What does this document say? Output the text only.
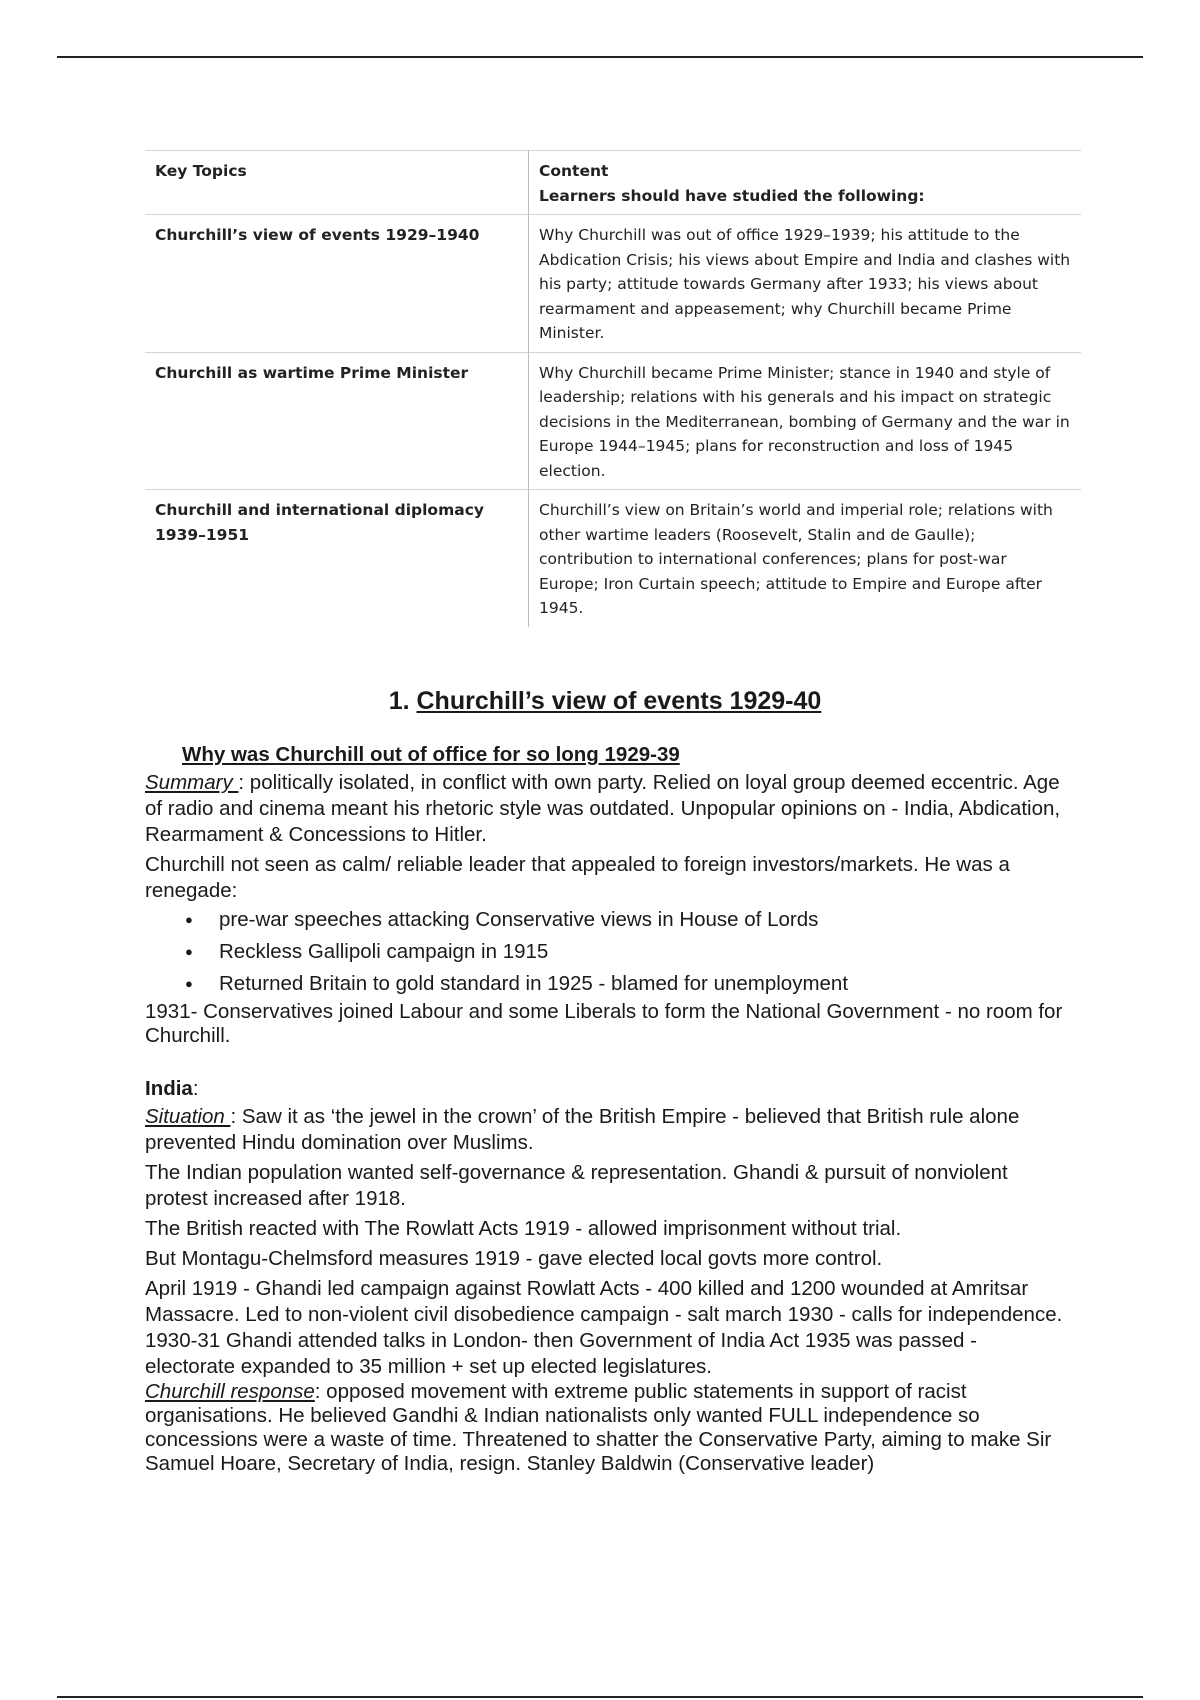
Key Topics	Content
Learners should have studied the following:

Churchill’s view of events 1929–1940	Why Churchill was out of office 1929–1939; his attitude to the Abdication Crisis; his views about Empire and India and clashes with his party; attitude towards Germany after 1933; his views about rearmament and appeasement; why Churchill became Prime Minister.
Churchill as wartime Prime Minister	Why Churchill became Prime Minister; stance in 1940 and style of leadership; relations with his generals and his impact on strategic decisions in the Mediterranean, bombing of Germany and the war in Europe 1944–1945; plans for reconstruction and loss of 1945 election.
Churchill and international diplomacy 1939–1951	Churchill’s view on Britain’s world and imperial role; relations with other wartime leaders (Roosevelt, Stalin and de Gaulle); contribution to international conferences; plans for post-war Europe; Iron Curtain speech; attitude to Empire and Europe after 1945.
1. Churchill’s view of events 1929-40
Why was Churchill out of office for so long 1929-39

Summary : politically isolated, in conflict with own party. Relied on loyal group deemed eccentric. Age of radio and cinema meant his rhetoric style was outdated. Unpopular opinions on - India, Abdication, Rearmament & Concessions to Hitler.

Churchill not seen as calm/ reliable leader that appealed to foreign investors/markets. He was a renegade:

● pre-war speeches attacking Conservative views in House of Lords
● Reckless Gallipoli campaign in 1915
● Returned Britain to gold standard in 1925 - blamed for unemployment

1931- Conservatives joined Labour and some Liberals to form the National Government - no room for Churchill.

India:

Situation : Saw it as ‘the jewel in the crown’ of the British Empire - believed that British rule alone prevented Hindu domination over Muslims.

The Indian population wanted self-governance & representation. Ghandi & pursuit of nonviolent protest increased after 1918.

The British reacted with The Rowlatt Acts 1919 - allowed imprisonment without trial.

But Montagu-Chelmsford measures 1919 - gave elected local govts more control.

April 1919 - Ghandi led campaign against Rowlatt Acts - 400 killed and 1200 wounded at Amritsar Massacre. Led to non-violent civil disobedience campaign - salt march 1930 - calls for independence. 1930-31 Ghandi attended talks in London- then Government of India Act 1935 was passed - electorate expanded to 35 million + set up elected legislatures.

Churchill response: opposed movement with extreme public statements in support of racist organisations. He believed Gandhi & Indian nationalists only wanted FULL independence so concessions were a waste of time. Threatened to shatter the Conservative Party, aiming to make Sir Samuel Hoare, Secretary of India, resign. Stanley Baldwin (Conservative leader)
